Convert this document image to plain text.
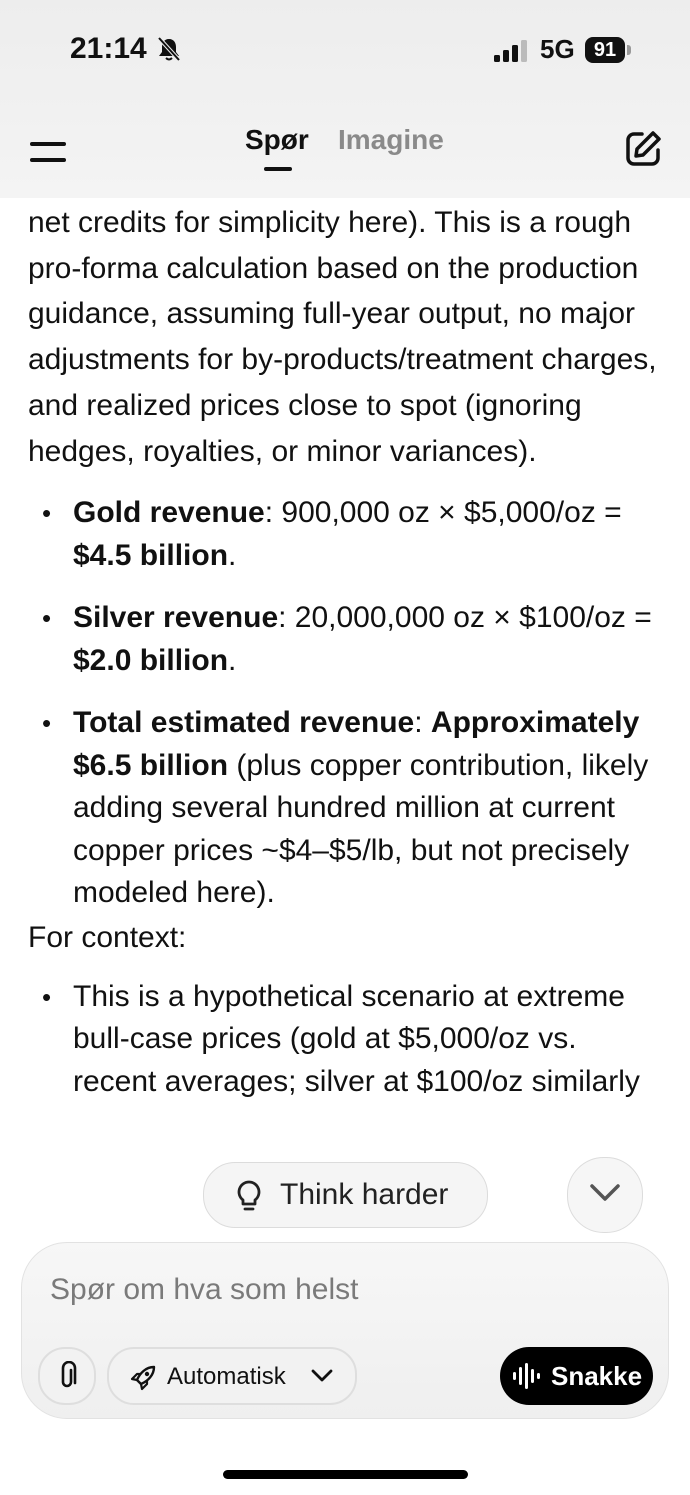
21:14	5G 91
Spør Imagine

net credits for simplicity here). This is a rough pro-forma calculation based on the production guidance, assuming full-year output, no major adjustments for by-products/treatment charges, and realized prices close to spot (ignoring hedges, royalties, or minor variances).

• Gold revenue: 900,000 oz × $5,000/oz = $4.5 billion.
• Silver revenue: 20,000,000 oz × $100/oz = $2.0 billion.
• Total estimated revenue: Approximately $6.5 billion (plus copper contribution, likely adding several hundred million at current copper prices ~$4–$5/lb, but not precisely modeled here).

For context:

• This is a hypothetical scenario at extreme bull-case prices (gold at $5,000/oz vs. recent averages; silver at $100/oz similarly
Think harder
Spør om hva som helst
Automatisk	Snakke
